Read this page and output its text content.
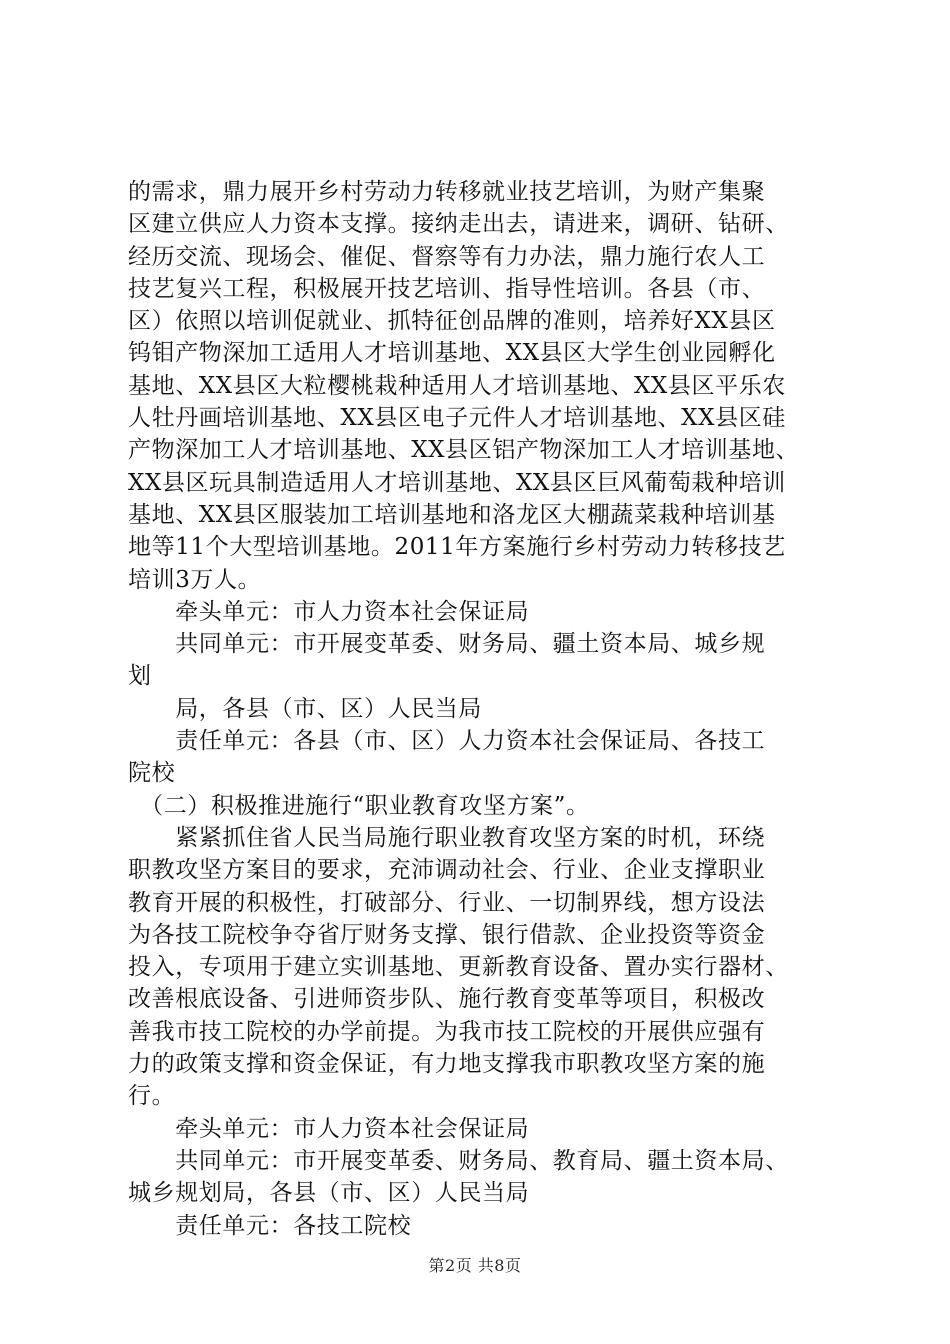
的需求，鼎力展开乡村劳动力转移就业技艺培训，为财产集聚
区建立供应人力资本支撑。接纳走出去，请进来，调研、钻研、
经历交流、现场会、催促、督察等有力办法，鼎力施行农人工
技艺复兴工程，积极展开技艺培训、指导性培训。各县（市、
区）依照以培训促就业、抓特征创品牌的准则，培养好XX县区
钨钼产物深加工适用人才培训基地、XX县区大学生创业园孵化
基地、XX县区大粒樱桃栽种适用人才培训基地、XX县区平乐农
人牡丹画培训基地、XX县区电子元件人才培训基地、XX县区硅
产物深加工人才培训基地、XX县区铝产物深加工人才培训基地、
XX县区玩具制造适用人才培训基地、XX县区巨风葡萄栽种培训
基地、XX县区服装加工培训基地和洛龙区大棚蔬菜栽种培训基
地等11个大型培训基地。2011年方案施行乡村劳动力转移技艺
培训3万人。
　　牵头单元：市人力资本社会保证局
　　共同单元：市开展变革委、财务局、疆土资本局、城乡规
划
　　局，各县（市、区）人民当局
　　责任单元：各县（市、区）人力资本社会保证局、各技工
院校
　（二）积极推进施行“职业教育攻坚方案”。
　　紧紧抓住省人民当局施行职业教育攻坚方案的时机，环绕
职教攻坚方案目的要求，充沛调动社会、行业、企业支撑职业
教育开展的积极性，打破部分、行业、一切制界线，想方设法
为各技工院校争夺省厅财务支撑、银行借款、企业投资等资金
投入，专项用于建立实训基地、更新教育设备、置办实行器材、
改善根底设备、引进师资步队、施行教育变革等项目，积极改
善我市技工院校的办学前提。为我市技工院校的开展供应强有
力的政策支撑和资金保证，有力地支撑我市职教攻坚方案的施
行。
　　牵头单元：市人力资本社会保证局
　　共同单元：市开展变革委、财务局、教育局、疆土资本局、
城乡规划局，各县（市、区）人民当局
　　责任单元：各技工院校
第2页 共8页
